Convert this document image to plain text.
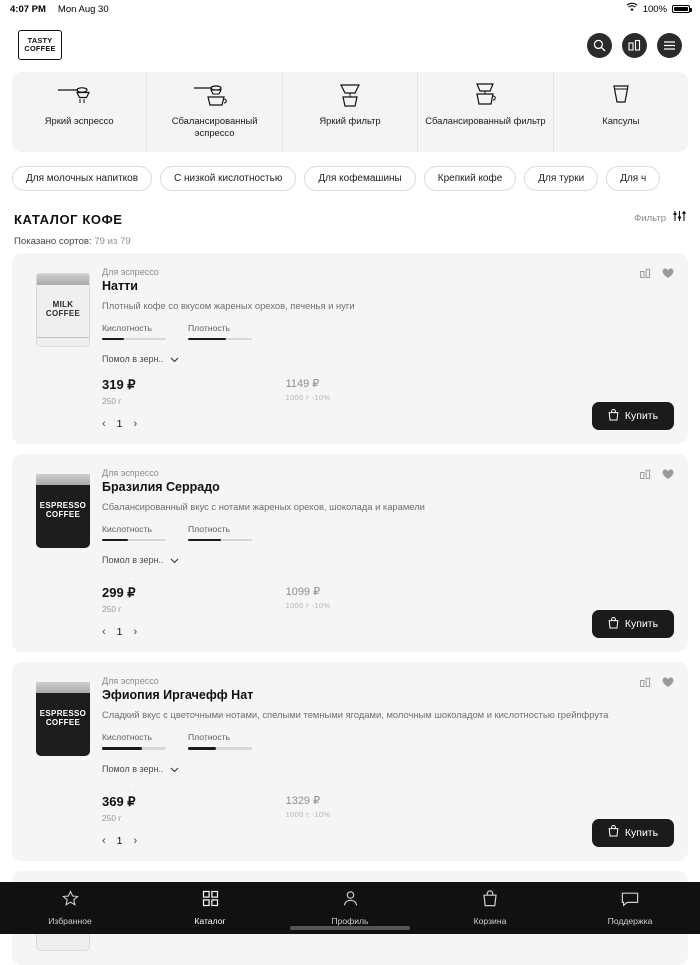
4:07 PM Mon Aug 30	100%
TASTY
COFFEE
Яркий эспрессо	Сбалансированный эспрессо
Яркий фильтр	Сбалансированный фильтр	Капсулы
Для молочных напитков	С низкой кислотностью	Для кофемашины	Крепкий кофе	Для турки	Для ч
КАТАЛОГ КОФЕ	Фильтр
Показано сортов: 79 из 79
MILK
COFFEE
Для эспрессо
Натти
Плотный кофе со вкусом жареных орехов, печенья и нуги
Кислотность	Плотность
Помол в зерн..
319 ₽
250 г
1149 ₽
1000 г -10%
‹ 1 ›
Купить
ESPRESSO
COFFEE
Для эспрессо
Бразилия Серрадо
Сбалансированный вкус с нотами жареных орехов, шоколада и карамели
Кислотность	Плотность
Помол в зерн..
· · · · · · · ·
299 ₽
250 г
1099 ₽
1000 г -10%
‹ 1 ›
Купить
ESPRESSO
COFFEE
Для эспрессо
Эфиопия Иргачефф Нат
Сладкий вкус с цветочными нотами, спелыми темными ягодами, молочным шоколадом и кислотностью грейпфрута
Кислотность	Плотность
Помол в зерн..
· · · · · · · ·
369 ₽
250 г
1329 ₽
1000 г -10%
‹ 1 ›
Купить
Избранное	Каталог	Профиль	Корзина	Поддержка
